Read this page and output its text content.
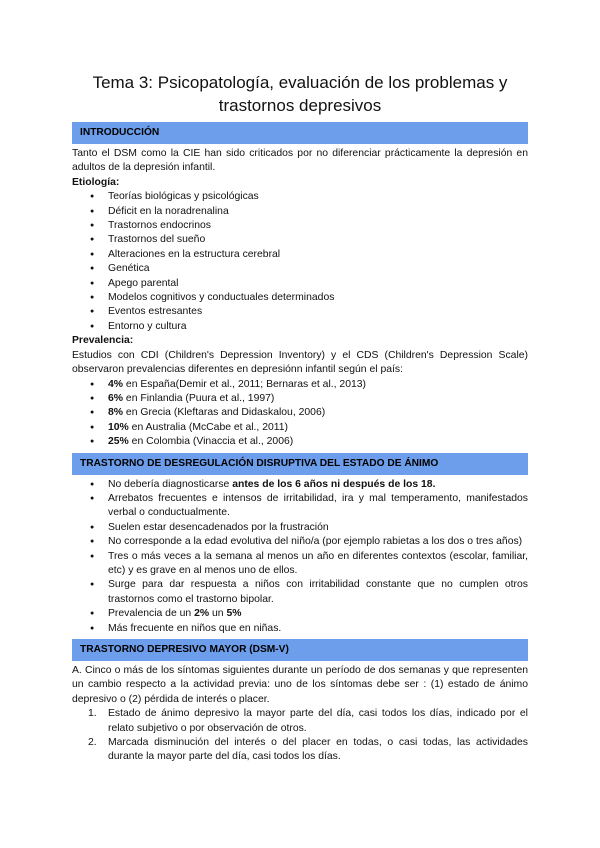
Tema 3: Psicopatología, evaluación de los problemas y
trastornos depresivos
INTRODUCCIÓN

Tanto el DSM como la CIE han sido criticados por no diferenciar prácticamente la depresión en adultos de la depresión infantil.

Etiología:

● Teorías biológicas y psicológicas
● Déficit en la noradrenalina
● Trastornos endocrinos
● Trastornos del sueño
● Alteraciones en la estructura cerebral
● Genética
● Apego parental
● Modelos cognitivos y conductuales determinados
● Eventos estresantes
● Entorno y cultura

Prevalencia:

Estudios con CDI (Children's Depression Inventory) y el CDS (Children's Depression Scale) observaron prevalencias diferentes en depresiónn infantil según el país:

● 4% en España(Demir et al., 2011; Bernaras et al., 2013)
● 6% en Finlandia (Puura et al., 1997)
● 8% en Grecia (Kleftaras and Didaskalou, 2006)
● 10% en Australia (McCabe et al., 2011)
● 25% en Colombia (Vinaccia et al., 2006)
TRASTORNO DE DESREGULACIÓN DISRUPTIVA DEL ESTADO DE ÁNIMO
● No debería diagnosticarse antes de los 6 años ni después de los 18.
● Arrebatos frecuentes e intensos de irritabilidad, ira y mal temperamento, manifestados verbal o conductualmente.
● Suelen estar desencadenados por la frustración
● No corresponde a la edad evolutiva del niño/a (por ejemplo rabietas a los dos o tres años)
● Tres o más veces a la semana al menos un año en diferentes contextos (escolar, familiar, etc) y es grave en al menos uno de ellos.
● Surge para dar respuesta a niños con irritabilidad constante que no cumplen otros trastornos como el trastorno bipolar.
● Prevalencia de un 2% un 5%
● Más frecuente en niños que en niñas.
TRASTORNO DEPRESIVO MAYOR (DSM-V)

A. Cinco o más de los síntomas siguientes durante un período de dos semanas y que representen un cambio respecto a la actividad previa: uno de los síntomas debe ser : (1) estado de ánimo depresivo o (2) pérdida de interés o placer.

1. Estado de ánimo depresivo la mayor parte del día, casi todos los días, indicado por el relato subjetivo o por observación de otros.
2. Marcada disminución del interés o del placer en todas, o casi todas, las actividades durante la mayor parte del día, casi todos los días.
